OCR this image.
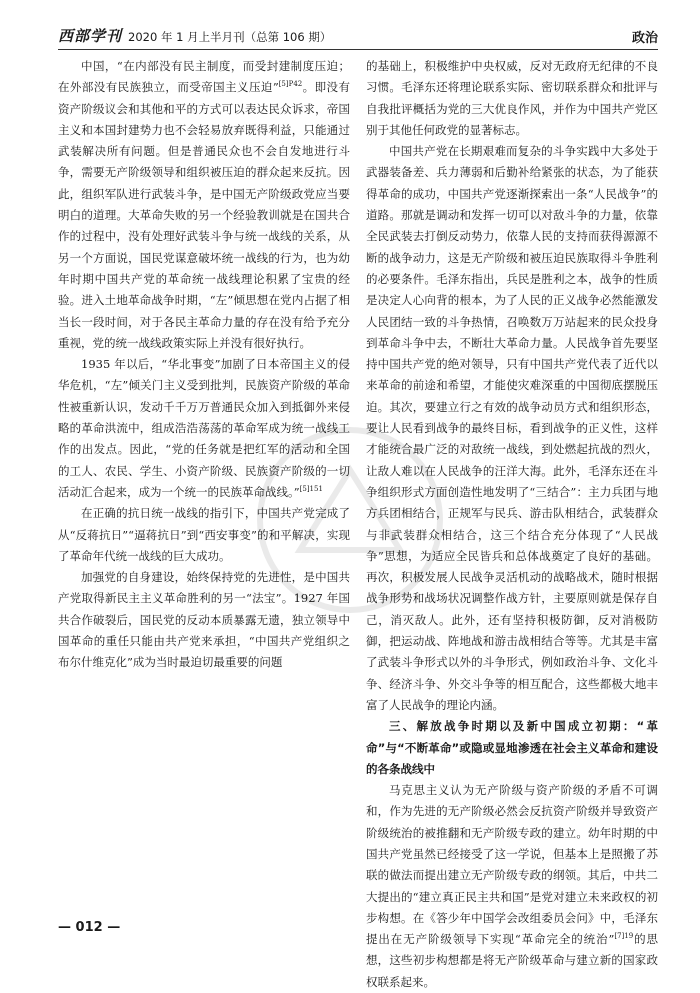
西部学刊 2020 年 1 月上半月刊（总第 106 期）	政治

中国，“在内部没有民主制度，而受封建制度压迫；在外部没有民族独立，而受帝国主义压迫”$^{[5]P42}$。即没有资产阶级议会和其他和平的方式可以表达民众诉求，帝国主义和本国封建势力也不会轻易放弃既得利益，只能通过武装解决所有问题。但是普通民众也不会自发地进行斗争，需要无产阶级领导和组织被压迫的群众起来反抗。因此，组织军队进行武装斗争，是中国无产阶级政党应当要明白的道理。大革命失败的另一个经验教训就是在国共合作的过程中，没有处理好武装斗争与统一战线的关系，从另一个方面说，国民党谋意破坏统一战线的行为，也为幼年时期中国共产党的革命统一战线理论积累了宝贵的经验。进入土地革命战争时期，“左”倾思想在党内占据了相当长一段时间，对于各民主革命力量的存在没有给予充分重视，党的统一战线政策实际上并没有很好执行。

1935 年以后，“华北事变”加剧了日本帝国主义的侵华危机，“左”倾关门主义受到批判，民族资产阶级的革命性被重新认识，发动千千万万普通民众加入到抵御外来侵略的革命洪流中，组成浩浩荡荡的革命军成为统一战线工作的出发点。因此，“党的任务就是把红军的活动和全国的工人、农民、学生、小资产阶级、民族资产阶级的一切活动汇合起来，成为一个统一的民族革命战线。”$^{[5]151}$

在正确的抗日统一战线的指引下，中国共产党完成了从“反蒋抗日”“逼蒋抗日”到“西安事变”的和平解决，实现了革命年代统一战线的巨大成功。

加强党的自身建设，始终保持党的先进性，是中国共产党取得新民主主义革命胜利的另一“法宝”。1927 年国共合作破裂后，国民党的反动本质暴露无遗，独立领导中国革命的重任只能由共产党来承担，“中国共产党组织之布尔什维克化”成为当时最迫切最重要的问题

的基础上，积极维护中央权威，反对无政府无纪律的不良习惯。毛泽东还将理论联系实际、密切联系群众和批评与自我批评概括为党的三大优良作风，并作为中国共产党区别于其他任何政党的显著标志。

中国共产党在长期艰难而复杂的斗争实践中大多处于武器装备差、兵力薄弱和后勤补给紧张的状态，为了能获得革命的成功，中国共产党逐渐探索出一条“人民战争”的道路。那就是调动和发挥一切可以对敌斗争的力量，依靠全民武装去打倒反动势力，依靠人民的支持而获得源源不断的战争动力，这是无产阶级和被压迫民族取得斗争胜利的必要条件。毛泽东指出，兵民是胜利之本，战争的性质是决定人心向背的根本，为了人民的正义战争必然能激发人民团结一致的斗争热情，召唤数万万站起来的民众投身到革命斗争中去，不断壮大革命力量。人民战争首先要坚持中国共产党的绝对领导，只有中国共产党代表了近代以来革命的前途和希望，才能使灾难深重的中国彻底摆脱压迫。其次，要建立行之有效的战争动员方式和组织形态，要让人民看到战争的最终目标，看到战争的正义性，这样才能统合最广泛的对敌统一战线，到处燃起抗战的烈火，让敌人难以在人民战争的汪洋大海。此外，毛泽东还在斗争组织形式方面创造性地发明了“三结合”：主力兵团与地方兵团相结合，正规军与民兵、游击队相结合，武装群众与非武装群众相结合，这三个结合充分体现了“人民战争”思想，为适应全民皆兵和总体战奠定了良好的基础。再次，积极发展人民战争灵活机动的战略战术，随时根据战争形势和战场状况调整作战方针，主要原则就是保存自己，消灭敌人。此外，还有坚持积极防御，反对消极防御，把运动战、阵地战和游击战相结合等等。尤其是丰富了武装斗争形式以外的斗争形式，例如政治斗争、文化斗争、经济斗争、外交斗争等的相互配合，这些都极大地丰富了人民战争的理论内涵。

三、解放战争时期以及新中国成立初期：“革命”与“不断革命”或隐或显地渗透在社会主义革命和建设的各条战线中

马克思主义认为无产阶级与资产阶级的矛盾不可调和，作为先进的无产阶级必然会反抗资产阶级并导致资产阶级统治的被推翻和无产阶级专政的建立。幼年时期的中国共产党虽然已经接受了这一学说，但基本上是照搬了苏联的做法而提出建立无产阶级专政的纲领。其后，中共二大提出的“建立真正民主共和国”是党对建立未来政权的初步构想。在《答少年中国学会改组委员会问》中，毛泽东提出在无产阶级领导下实现“革命完全的统治”$^{[7]19}$的思想，这些初步构想都是将无产阶级革命与建立新的国家政权联系起来。

— 012 —
